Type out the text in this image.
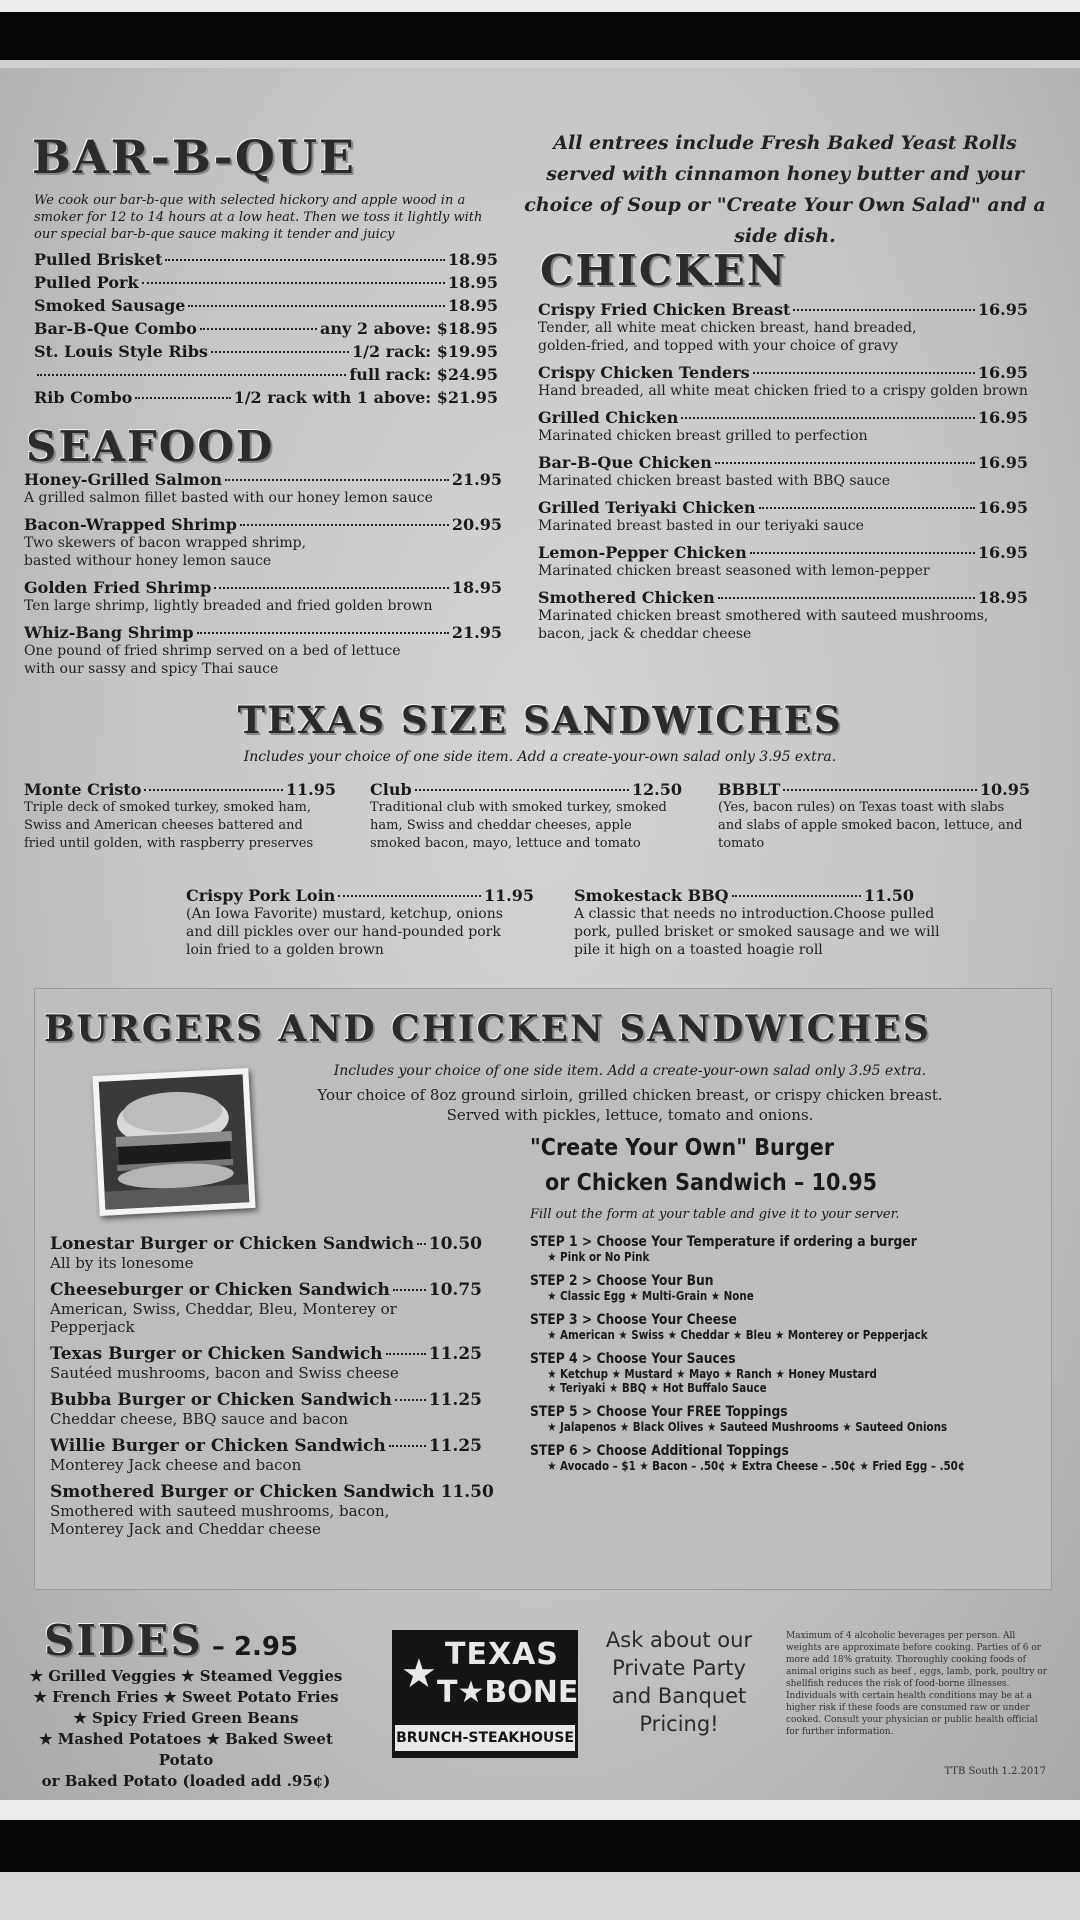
BAR-B-QUE
We cook our bar-b-que with selected hickory and apple wood in a smoker for 12 to 14 hours at a low heat. Then we toss it lightly with our special bar-b-que sauce making it tender and juicy
Pulled Brisket	18.95
Pulled Pork	18.95
Smoked Sausage	18.95
Bar-B-Que Combo	any 2 above: $18.95
St. Louis Style Ribs	1/2 rack: $19.95
full rack: $24.95
Rib Combo	1/2 rack with 1 above: $21.95
All entrees include Fresh Baked Yeast Rolls served with cinnamon honey butter and your choice of Soup or "Create Your Own Salad" and a side dish.
SEAFOOD
Honey-Grilled Salmon	21.95
A grilled salmon fillet basted with our honey lemon sauce
Bacon-Wrapped Shrimp	20.95
Two skewers of bacon wrapped shrimp, basted withour honey lemon sauce
Golden Fried Shrimp	18.95
Ten large shrimp, lightly breaded and fried golden brown
Whiz-Bang Shrimp	21.95
One pound of fried shrimp served on a bed of lettuce with our sassy and spicy Thai sauce
CHICKEN
Crispy Fried Chicken Breast	16.95
Tender, all white meat chicken breast, hand breaded, golden-fried, and topped with your choice of gravy
Crispy Chicken Tenders	16.95
Hand breaded, all white meat chicken fried to a crispy golden brown
Grilled Chicken	16.95
Marinated chicken breast grilled to perfection
Bar-B-Que Chicken	16.95
Marinated chicken breast basted with BBQ sauce
Grilled Teriyaki Chicken	16.95
Marinated breast basted in our teriyaki sauce
Lemon-Pepper Chicken	16.95
Marinated chicken breast seasoned with lemon-pepper
Smothered Chicken	18.95
Marinated chicken breast smothered with sauteed mushrooms, bacon, jack & cheddar cheese
TEXAS SIZE SANDWICHES
Includes your choice of one side item. Add a create-your-own salad only 3.95 extra.
Monte Cristo	11.95
Triple deck of smoked turkey, smoked ham, Swiss and American cheeses battered and fried until golden, with raspberry preserves
Club	12.50
Traditional club with smoked turkey, smoked ham, Swiss and cheddar cheeses, apple smoked bacon, mayo, lettuce and tomato
BBBLT	10.95
(Yes, bacon rules) on Texas toast with slabs and slabs of apple smoked bacon, lettuce, and tomato
Crispy Pork Loin	11.95
(An Iowa Favorite) mustard, ketchup, onions and dill pickles over our hand-pounded pork loin fried to a golden brown
Smokestack BBQ	11.50
A classic that needs no introduction.Choose pulled pork, pulled brisket or smoked sausage and we will pile it high on a toasted hoagie roll
BURGERS AND CHICKEN SANDWICHES
Includes your choice of one side item. Add a create-your-own salad only 3.95 extra.
Your choice of 8oz ground sirloin, grilled chicken breast, or crispy chicken breast.
Served with pickles, lettuce, tomato and onions.
Lonestar Burger or Chicken Sandwich 10.50
All by its lonesome
Cheeseburger or Chicken Sandwich 10.75
American, Swiss, Cheddar, Bleu, Monterey or Pepperjack
Texas Burger or Chicken Sandwich	11.25
Sautéed mushrooms, bacon and Swiss cheese
Bubba Burger or Chicken Sandwich 11.25
Cheddar cheese, BBQ sauce and bacon
Willie Burger or Chicken Sandwich	11.25
Monterey Jack cheese and bacon
Smothered Burger or Chicken Sandwich 11.50
Smothered with sauteed mushrooms, bacon, Monterey Jack and Cheddar cheese
"Create Your Own" Burger
or Chicken Sandwich – 10.95
Fill out the form at your table and give it to your server.
STEP 1 > Choose Your Temperature if ordering a burger
★ Pink or No Pink
STEP 2 > Choose Your Bun
★ Classic Egg ★ Multi-Grain ★ None
STEP 3 > Choose Your Cheese
★ American ★ Swiss ★ Cheddar ★ Bleu ★ Monterey or Pepperjack
STEP 4 > Choose Your Sauces
★ Ketchup ★ Mustard ★ Mayo ★ Ranch ★ Honey Mustard
★ Teriyaki ★ BBQ ★ Hot Buffalo Sauce
STEP 5 > Choose Your FREE Toppings
★ Jalapenos ★ Black Olives ★ Sauteed Mushrooms ★ Sauteed Onions
STEP 6 > Choose Additional Toppings
★ Avocado – $1 ★ Bacon – .50¢ ★ Extra Cheese – .50¢ ★ Fried Egg – .50¢
SIDES – 2.95
★ Grilled Veggies ★ Steamed Veggies
★ French Fries ★ Sweet Potato Fries
★ Spicy Fried Green Beans
★ Mashed Potatoes ★ Baked Sweet Potato
or Baked Potato (loaded add .95¢)
★ TEXAS
T★BONE
BRUNCH-STEAKHOUSE
Ask about our
Private Party
and Banquet
Pricing!
Maximum of 4 alcoholic beverages per person. All weights are approximate before cooking. Parties of 6 or more add 18% gratuity. Thoroughly cooking foods of animal origins such as beef , eggs, lamb, pork, poultry or shellfish reduces the risk of food-borne illnesses. Individuals with certain health conditions may be at a higher risk if these foods are consumed raw or under cooked. Consult your physician or public health official for further information.
TTB South 1.2.2017
